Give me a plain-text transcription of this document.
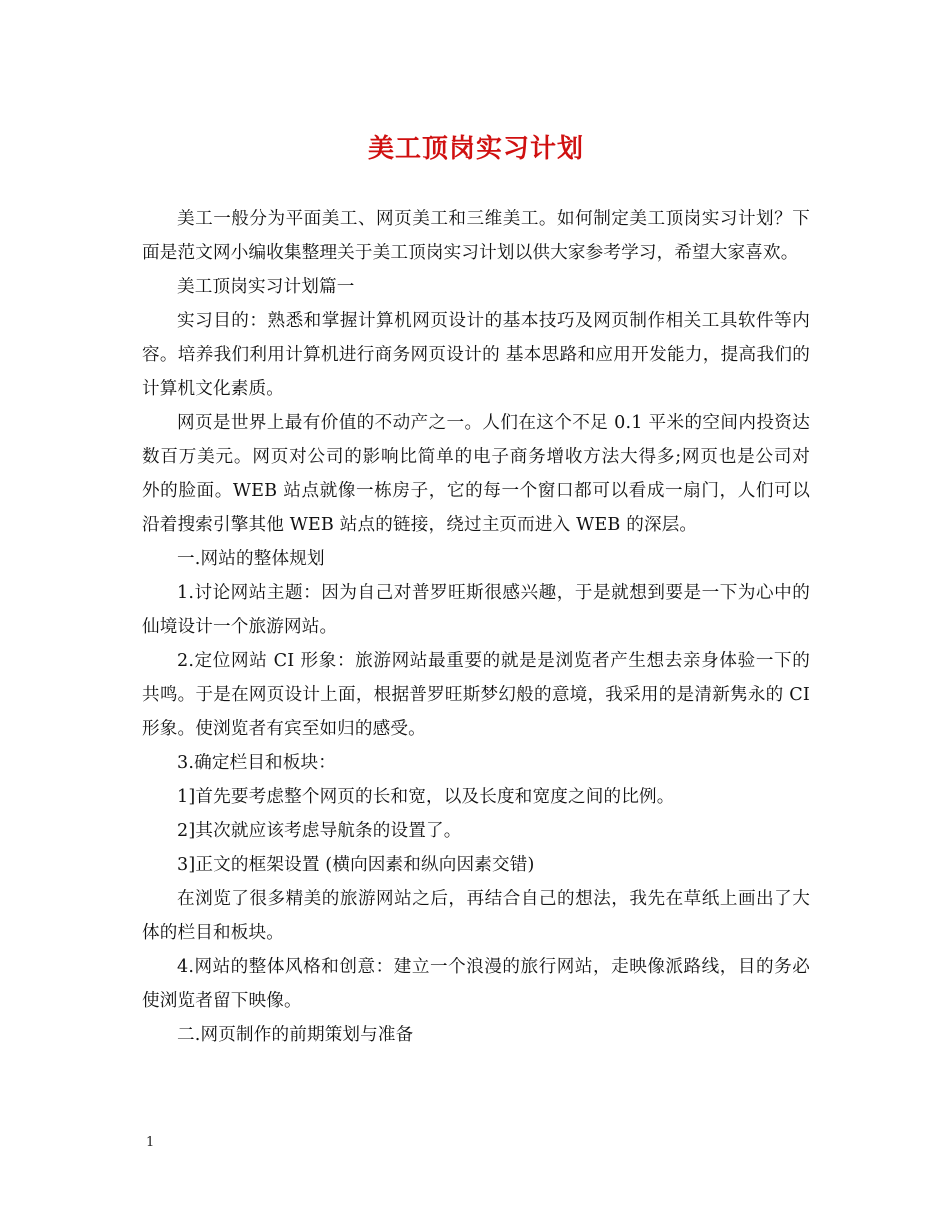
美工顶岗实习计划

美工一般分为平面美工、网页美工和三维美工。如何制定美工顶岗实习计划？下面是范文网小编收集整理关于美工顶岗实习计划以供大家参考学习，希望大家喜欢。

美工顶岗实习计划篇一

实习目的：熟悉和掌握计算机网页设计的基本技巧及网页制作相关工具软件等内容。培养我们利用计算机进行商务网页设计的 基本思路和应用开发能力，提高我们的计算机文化素质。

网页是世界上最有价值的不动产之一。人们在这个不足 0.1 平米的空间内投资达数百万美元。网页对公司的影响比简单的电子商务增收方法大得多;网页也是公司对 外的脸面。WEB 站点就像一栋房子，它的每一个窗口都可以看成一扇门，人们可以沿着搜索引擎其他 WEB 站点的链接，绕过主页而进入 WEB 的深层。

一.网站的整体规划

1.讨论网站主题：因为自己对普罗旺斯很感兴趣，于是就想到要是一下为心中的仙境设计一个旅游网站。

2.定位网站 CI 形象：旅游网站最重要的就是是浏览者产生想去亲身体验一下的共鸣。于是在网页设计上面，根据普罗旺斯梦幻般的意境，我采用的是清新隽永的 CI 形象。使浏览者有宾至如归的感受。

3.确定栏目和板块：

1]首先要考虑整个网页的长和宽，以及长度和宽度之间的比例。

2]其次就应该考虑导航条的设置了。

3]正文的框架设置 (横向因素和纵向因素交错)

在浏览了很多精美的旅游网站之后，再结合自己的想法，我先在草纸上画出了大体的栏目和板块。

4.网站的整体风格和创意：建立一个浪漫的旅行网站，走映像派路线，目的务必使浏览者留下映像。

二.网页制作的前期策划与准备

1
